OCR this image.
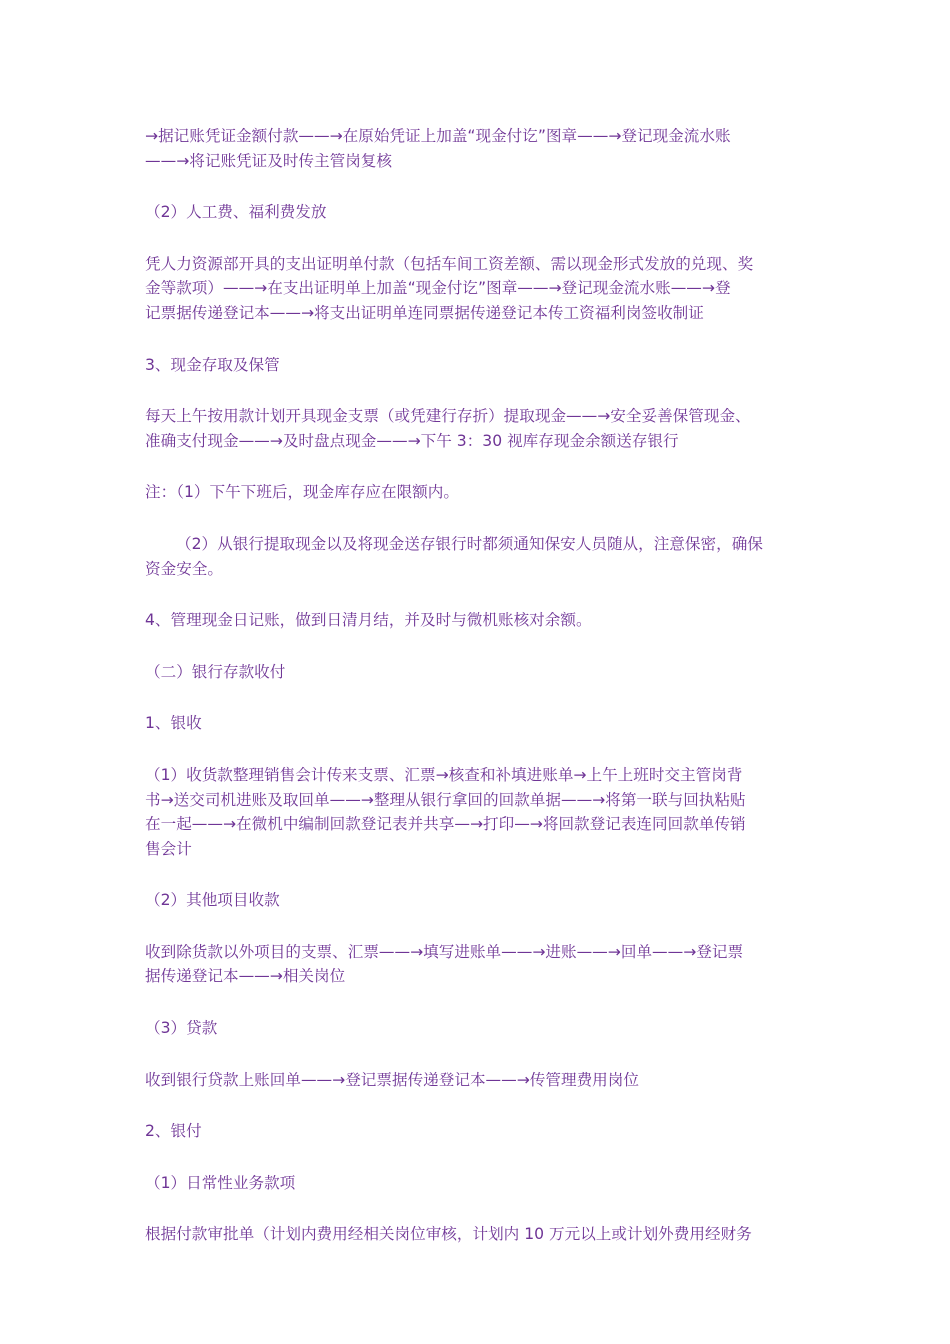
→据记账凭证金额付款——→在原始凭证上加盖“现金付讫”图章——→登记现金流水账
——→将记账凭证及时传主管岗复核

（2）人工费、福利费发放

凭人力资源部开具的支出证明单付款（包括车间工资差额、需以现金形式发放的兑现、奖
金等款项）——→在支出证明单上加盖“现金付讫”图章——→登记现金流水账——→登
记票据传递登记本——→将支出证明单连同票据传递登记本传工资福利岗签收制证

3、现金存取及保管

每天上午按用款计划开具现金支票（或凭建行存折）提取现金——→安全妥善保管现金、
准确支付现金——→及时盘点现金——→下午 3：30 视库存现金余额送存银行

注：（1）下午下班后，现金库存应在限额内。

（2）从银行提取现金以及将现金送存银行时都须通知保安人员随从，注意保密，确保
资金安全。

4、管理现金日记账，做到日清月结，并及时与微机账核对余额。

（二）银行存款收付

1、银收

（1）收货款整理销售会计传来支票、汇票→核查和补填进账单→上午上班时交主管岗背
书→送交司机进账及取回单——→整理从银行拿回的回款单据——→将第一联与回执粘贴
在一起——→在微机中编制回款登记表并共享—→打印—→将回款登记表连同回款单传销
售会计

（2）其他项目收款

收到除货款以外项目的支票、汇票——→填写进账单——→进账——→回单——→登记票
据传递登记本——→相关岗位

（3）贷款

收到银行贷款上账回单——→登记票据传递登记本——→传管理费用岗位

2、银付

（1）日常性业务款项

根据付款审批单（计划内费用经相关岗位审核，计划内 10 万元以上或计划外费用经财务
